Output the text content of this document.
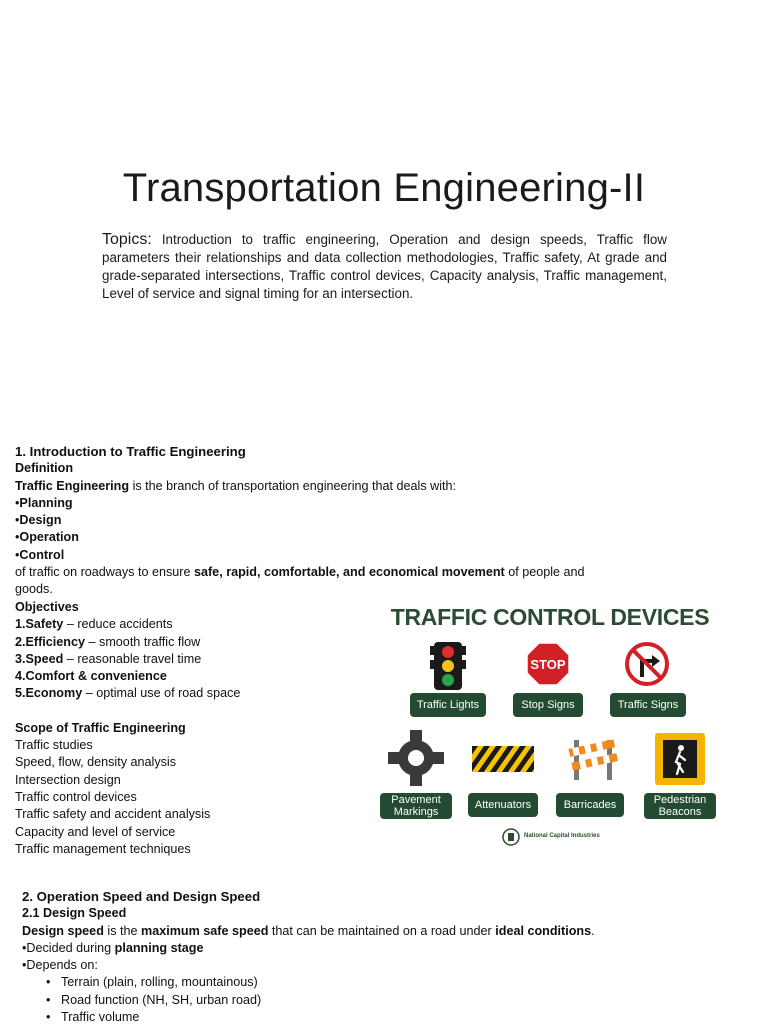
Transportation Engineering-II
Topics: Introduction to traffic engineering, Operation and design speeds, Traffic flow parameters their relationships and data collection methodologies, Traffic safety, At grade and grade-separated intersections, Traffic control devices, Capacity analysis, Traffic management, Level of service and signal timing for an intersection.
1. Introduction to Traffic Engineering
Definition
Traffic Engineering is the branch of transportation engineering that deals with:
•Planning
•Design
•Operation
•Control
of traffic on roadways to ensure safe, rapid, comfortable, and economical movement of people and goods.
Objectives
1.Safety – reduce accidents
2.Efficiency – smooth traffic flow
3.Speed – reasonable travel time
4.Comfort & convenience
5.Economy – optimal use of road space
Scope of Traffic Engineering
Traffic studies
Speed, flow, density analysis
Intersection design
Traffic control devices
Traffic safety and accident analysis
Capacity and level of service
Traffic management techniques
2. Operation Speed and Design Speed
2.1 Design Speed
Design speed is the maximum safe speed that can be maintained on a road under ideal conditions.
•Decided during planning stage
•Depends on:
• Terrain (plain, rolling, mountainous)
• Road function (NH, SH, urban road)
• Traffic volume
TRAFFIC CONTROL DEVICES
Traffic Lights
STOP
Stop Signs	Traffic Signs
Pavement
Markings
Attenuators	Barricades	Pedestrian
Beacons
National Capital Industries
